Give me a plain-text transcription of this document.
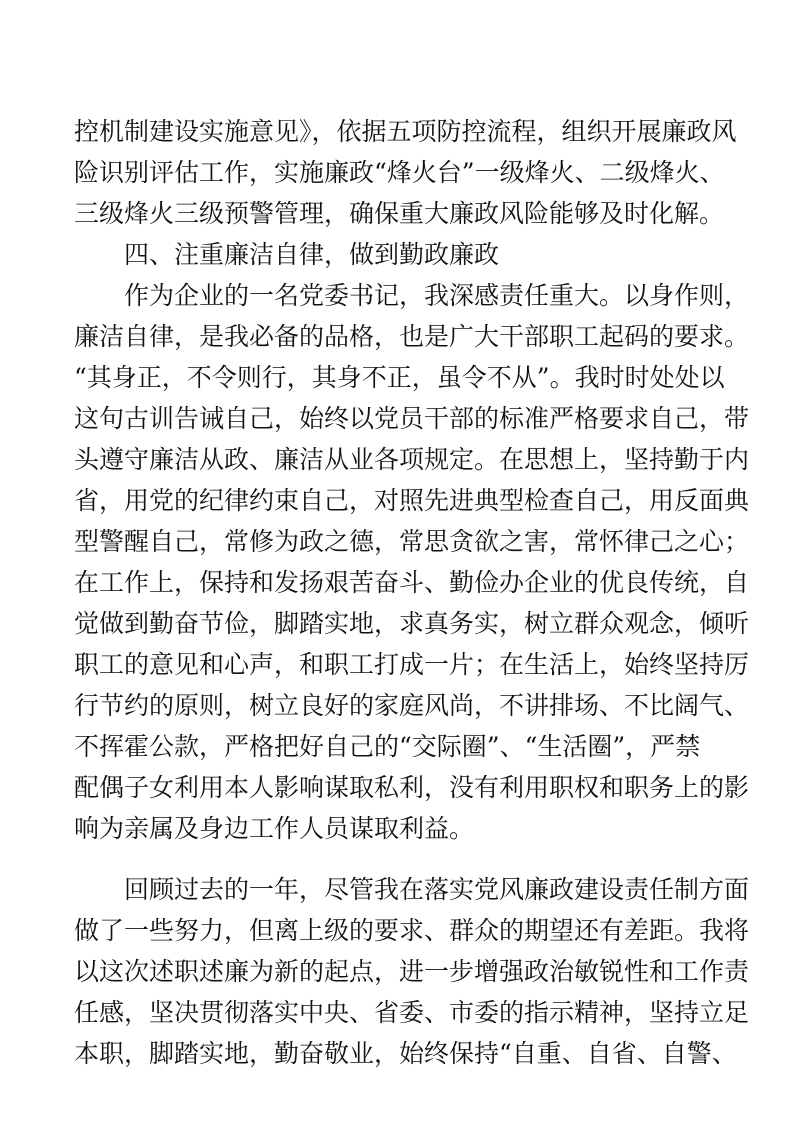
控机制建设实施意见》，依据五项防控流程，组织开展廉政风
险识别评估工作，实施廉政“烽火台”一级烽火、二级烽火、
三级烽火三级预警管理，确保重大廉政风险能够及时化解。
四、注重廉洁自律，做到勤政廉政
作为企业的一名党委书记，我深感责任重大。以身作则，
廉洁自律，是我必备的品格，也是广大干部职工起码的要求。
“其身正，不令则行，其身不正，虽令不从”。我时时处处以
这句古训告诫自己，始终以党员干部的标准严格要求自己，带
头遵守廉洁从政、廉洁从业各项规定。在思想上，坚持勤于内
省，用党的纪律约束自己，对照先进典型检查自己，用反面典
型警醒自己，常修为政之德，常思贪欲之害，常怀律己之心；
在工作上，保持和发扬艰苦奋斗、勤俭办企业的优良传统，自
觉做到勤奋节俭，脚踏实地，求真务实，树立群众观念，倾听
职工的意见和心声，和职工打成一片；在生活上，始终坚持厉
行节约的原则，树立良好的家庭风尚，不讲排场、不比阔气、
不挥霍公款，严格把好自己的“交际圈”、“生活圈”，严禁
配偶子女利用本人影响谋取私利，没有利用职权和职务上的影
响为亲属及身边工作人员谋取利益。
回顾过去的一年，尽管我在落实党风廉政建设责任制方面
做了一些努力，但离上级的要求、群众的期望还有差距。我将
以这次述职述廉为新的起点，进一步增强政治敏锐性和工作责
任感，坚决贯彻落实中央、省委、市委的指示精神，坚持立足
本职，脚踏实地，勤奋敬业，始终保持“自重、自省、自警、
